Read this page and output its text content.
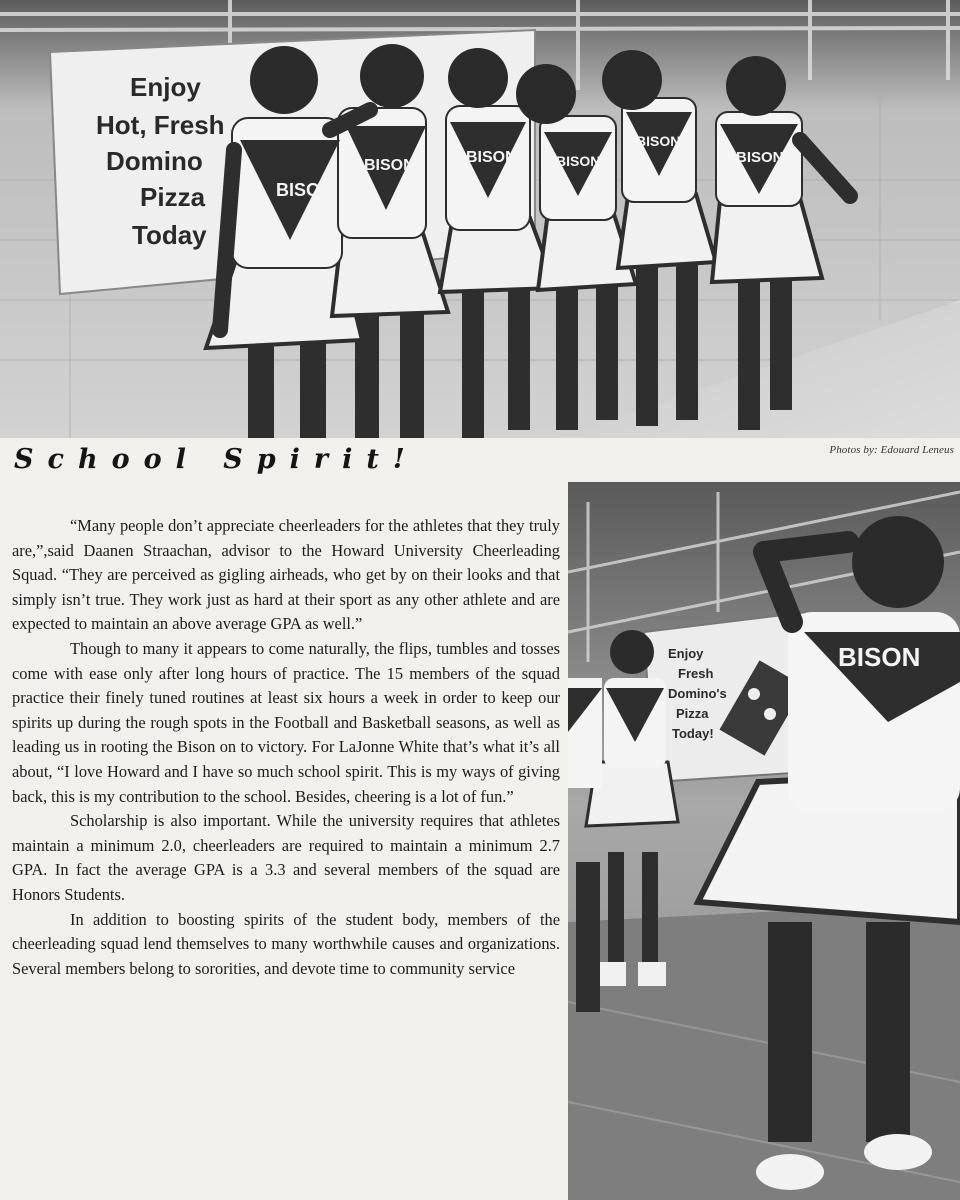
Enjoy
Hot, Fresh
Domino
Pizza
Today
BISON
BISON	BISON	BISON
BISON
BISON
Photos by: Edouard Leneus
School Spirit!

“Many people don’t appreciate cheerleaders for the athletes that they truly are,”,said Daanen Straachan, advisor to the Howard University Cheerleading Squad. “They are perceived as gigling airheads, who get by on their looks and that simply isn’t true. They work just as hard at their sport as any other athlete and are expected to maintain an above average GPA as well.”

Though to many it appears to come naturally, the flips, tumbles and tosses come with ease only after long hours of practice. The 15 members of the squad practice their finely tuned routines at least six hours a week in order to keep our spirits up during the rough spots in the Football and Basketball seasons, as well as leading us in rooting the Bison on to victory. For LaJonne White that’s what it’s all about, “I love Howard and I have so much school spirit. This is my ways of giving back, this is my contribution to the school. Besides, cheering is a lot of fun.”

Scholarship is also important. While the university requires that athletes maintain a minimum 2.0, cheerleaders are required to maintain a minimum 2.7 GPA. In fact the average GPA is a 3.3 and several members of the squad are Honors Students.

In addition to boosting spirits of the student body, members of the cheerleading squad lend themselves to many worthwhile causes and organizations. Several members belong to sororities, and devote time to community service

Enjoy
Fresh
Domino's
Pizza
Today!
BISON
